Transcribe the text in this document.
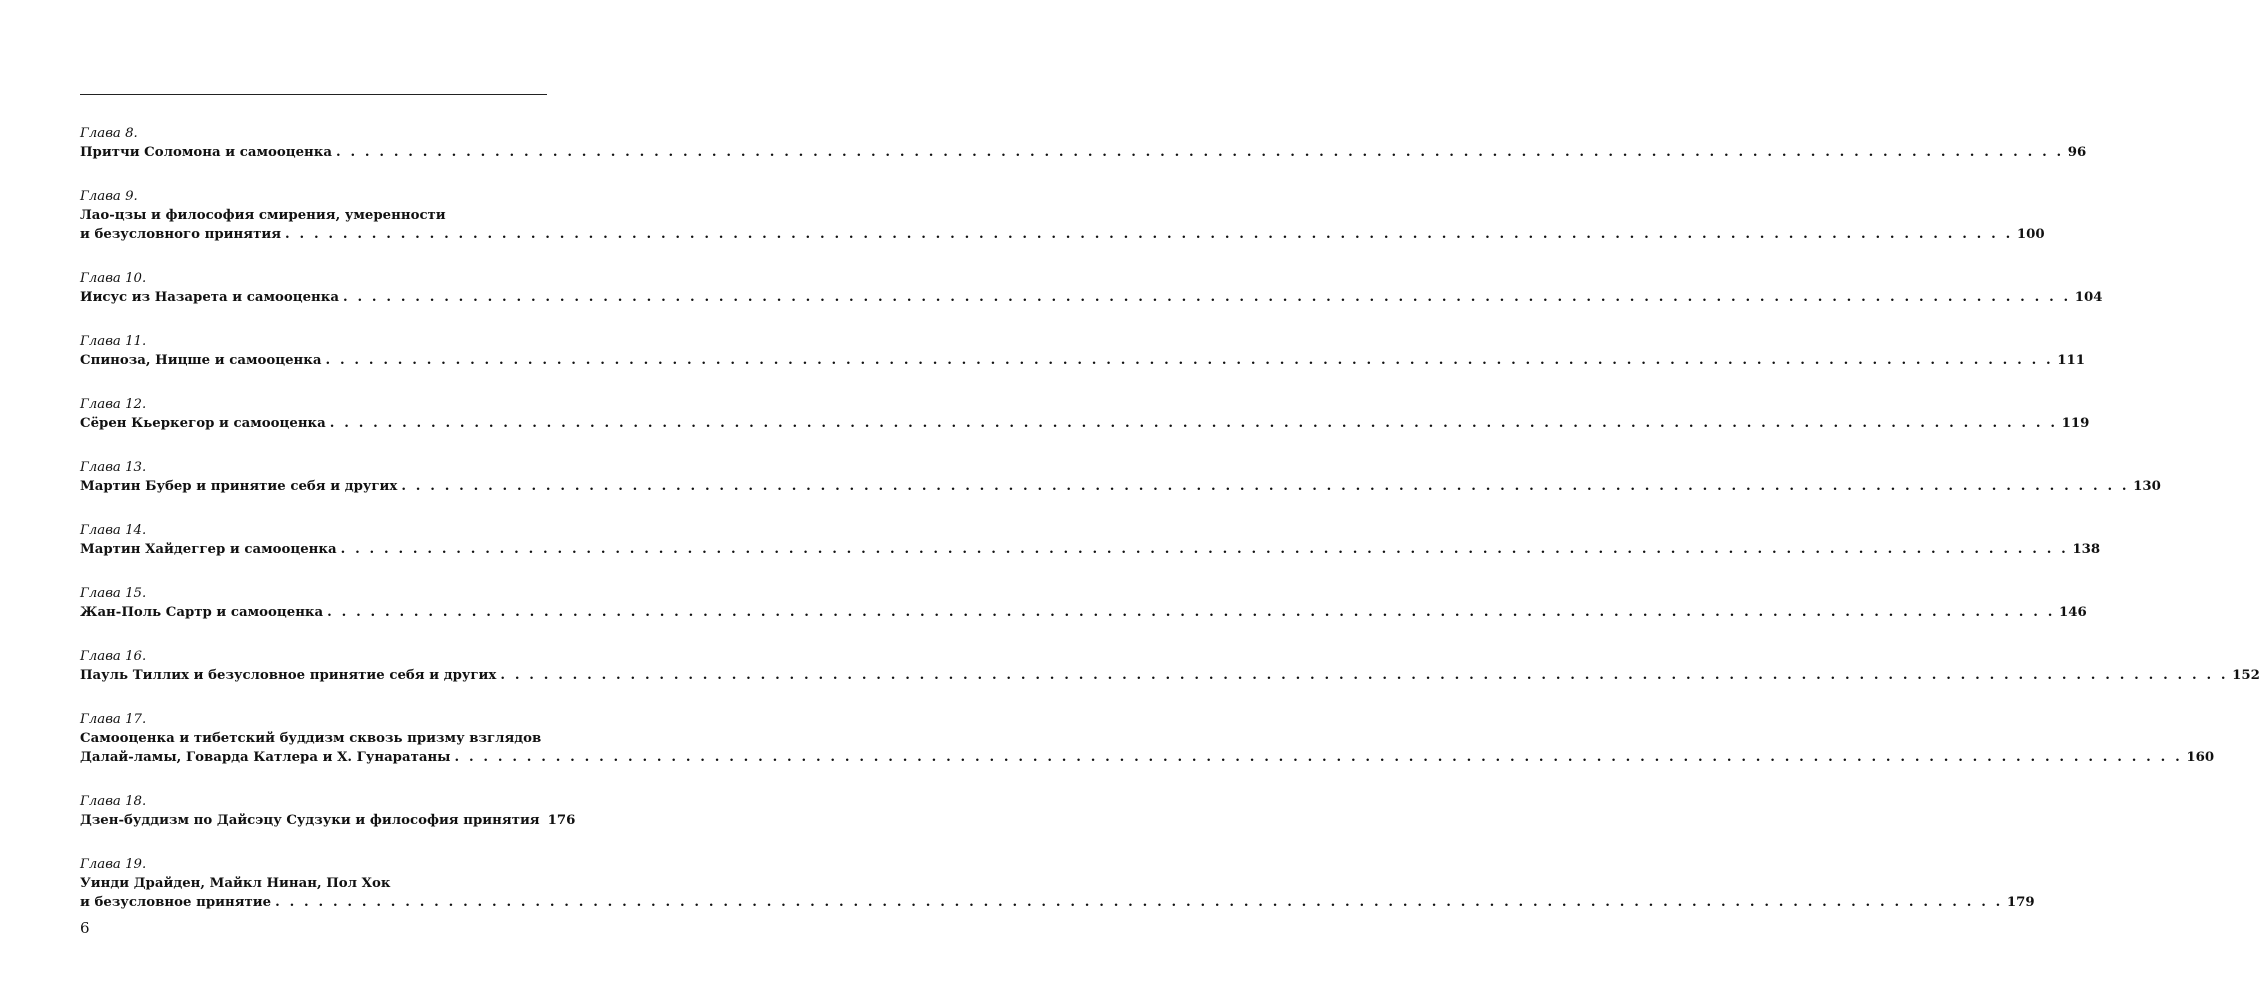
Глава 8.
Притчи Соломона и самооценка . . . . . . . . . . . . . . . . . . . . . . . . . . . . . . . . . . . . . . . . . . . . . . . . . . . . . . . . . . . . . . . . . . . . . . . . . . . . . . . . . . . . . . . . . . . . . . . . . . . . . . . . . . . . . . . . . . . . . . . . 96
Глава 9.
Лао-цзы и философия смирения, умеренности
и безусловного принятия . . . . . . . . . . . . . . . . . . . . . . . . . . . . . . . . . . . . . . . . . . . . . . . . . . . . . . . . . . . . . . . . . . . . . . . . . . . . . . . . . . . . . . . . . . . . . . . . . . . . . . . . . . . . . . . . . . . . . . . . 100
Глава 10.
Иисус из Назарета и самооценка . . . . . . . . . . . . . . . . . . . . . . . . . . . . . . . . . . . . . . . . . . . . . . . . . . . . . . . . . . . . . . . . . . . . . . . . . . . . . . . . . . . . . . . . . . . . . . . . . . . . . . . . . . . . . . . . . . . . . . . . 104
Глава 11.
Спиноза, Ницше и самооценка . . . . . . . . . . . . . . . . . . . . . . . . . . . . . . . . . . . . . . . . . . . . . . . . . . . . . . . . . . . . . . . . . . . . . . . . . . . . . . . . . . . . . . . . . . . . . . . . . . . . . . . . . . . . . . . . . . . . . . . . 111
Глава 12.
Сёрен Кьеркегор и самооценка . . . . . . . . . . . . . . . . . . . . . . . . . . . . . . . . . . . . . . . . . . . . . . . . . . . . . . . . . . . . . . . . . . . . . . . . . . . . . . . . . . . . . . . . . . . . . . . . . . . . . . . . . . . . . . . . . . . . . . . . 119
Глава 13.
Мартин Бубер и принятие себя и других . . . . . . . . . . . . . . . . . . . . . . . . . . . . . . . . . . . . . . . . . . . . . . . . . . . . . . . . . . . . . . . . . . . . . . . . . . . . . . . . . . . . . . . . . . . . . . . . . . . . . . . . . . . . . . . . . . . . . . . . 130
Глава 14.
Мартин Хайдеггер и самооценка . . . . . . . . . . . . . . . . . . . . . . . . . . . . . . . . . . . . . . . . . . . . . . . . . . . . . . . . . . . . . . . . . . . . . . . . . . . . . . . . . . . . . . . . . . . . . . . . . . . . . . . . . . . . . . . . . . . . . . . . 138
Глава 15.
Жан-Поль Сартр и самооценка . . . . . . . . . . . . . . . . . . . . . . . . . . . . . . . . . . . . . . . . . . . . . . . . . . . . . . . . . . . . . . . . . . . . . . . . . . . . . . . . . . . . . . . . . . . . . . . . . . . . . . . . . . . . . . . . . . . . . . . . 146
Глава 16.
Пауль Тиллих и безусловное принятие себя и других . . . . . . . . . . . . . . . . . . . . . . . . . . . . . . . . . . . . . . . . . . . . . . . . . . . . . . . . . . . . . . . . . . . . . . . . . . . . . . . . . . . . . . . . . . . . . . . . . . . . . . . . . . . . . . . . . . . . . . . . 152
Глава 17.
Самооценка и тибетский буддизм сквозь призму взглядов
Далай-ламы, Говарда Катлера и Х. Гунаратаны . . . . . . . . . . . . . . . . . . . . . . . . . . . . . . . . . . . . . . . . . . . . . . . . . . . . . . . . . . . . . . . . . . . . . . . . . . . . . . . . . . . . . . . . . . . . . . . . . . . . . . . . . . . . . . . . . . . . . . . . 160
Глава 18.
Дзен-буддизм по Дайсэцу Судзуки и философия принятия 176
Глава 19.
Уинди Драйден, Майкл Нинан, Пол Хок
и безусловное принятие . . . . . . . . . . . . . . . . . . . . . . . . . . . . . . . . . . . . . . . . . . . . . . . . . . . . . . . . . . . . . . . . . . . . . . . . . . . . . . . . . . . . . . . . . . . . . . . . . . . . . . . . . . . . . . . . . . . . . . . . 179
6
